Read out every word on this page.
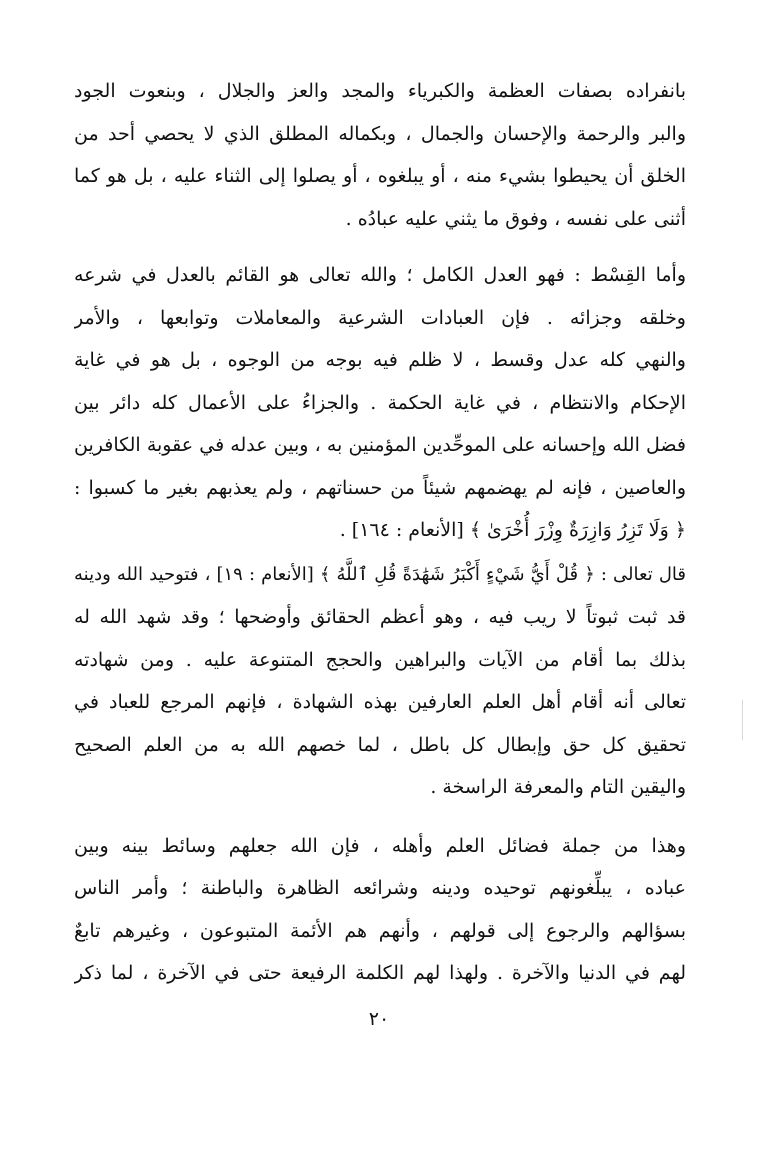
بانفراده بصفات العظمة والكبرياء والمجد والعز والجلال ، وبنعوت الجود
والبر والرحمة والإحسان والجمال ، وبكماله المطلق الذي لا يحصي أحد من
الخلق أن يحيطوا بشيء منه ، أو يبلغوه ، أو يصلوا إلى الثناء عليه ، بل هو كما
أثنى على نفسه ، وفوق ما يثني عليه عبادُه .
وأما القِسْط : فهو العدل الكامل ؛ والله تعالى هو القائم بالعدل في شرعه
وخلقه وجزائه . فإن العبادات الشرعية والمعاملات وتوابعها ، والأمر
والنهي كله عدل وقسط ، لا ظلم فيه بوجه من الوجوه ، بل هو في غاية
الإحكام والانتظام ، في غاية الحكمة . والجزاءُ على الأعمال كله دائر بين
فضل الله وإحسانه على الموحِّدين المؤمنين به ، وبين عدله في عقوبة الكافرين
والعاصين ، فإنه لم يهضمهم شيئاً من حسناتهم ، ولم يعذبهم بغير ما كسبوا :
﴿ وَلَا تَزِرُ وَازِرَةٌ وِزْرَ أُخْرَىٰ ﴾ [الأنعام : ١٦٤] .
قال تعالى : ﴿ قُلْ أَيُّ شَيْءٍ أَكْبَرُ شَهَٰدَةً قُلِ ٱللَّهُ ﴾ [الأنعام : ١٩] ، فتوحيد الله ودينه
قد ثبت ثبوتاً لا ريب فيه ، وهو أعظم الحقائق وأوضحها ؛ وقد شهد الله له
بذلك بما أقام من الآيات والبراهين والحجج المتنوعة عليه . ومن شهادته
تعالى أنه أقام أهل العلم العارفين بهذه الشهادة ، فإنهم المرجع للعباد في
تحقيق كل حق وإبطال كل باطل ، لما خصهم الله به من العلم الصحيح
واليقين التام والمعرفة الراسخة .
وهذا من جملة فضائل العلم وأهله ، فإن الله جعلهم وسائط بينه وبين
عباده ، يبلِّغونهم توحيده ودينه وشرائعه الظاهرة والباطنة ؛ وأمر الناس
بسؤالهم والرجوع إلى قولهم ، وأنهم هم الأئمة المتبوعون ، وغيرهم تابعٌ
لهم في الدنيا والآخرة . ولهذا لهم الكلمة الرفيعة حتى في الآخرة ، لما ذكر
٢٠
